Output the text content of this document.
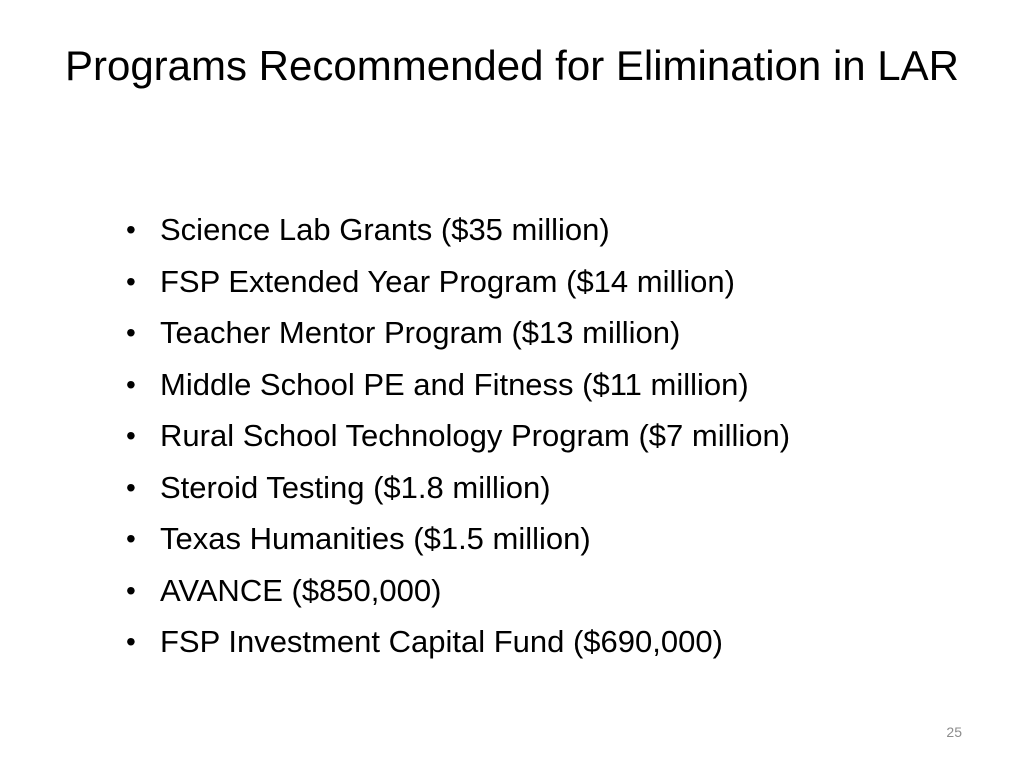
Programs Recommended for Elimination in LAR
• Science Lab Grants ($35 million)
• FSP Extended Year Program ($14 million)
• Teacher Mentor Program ($13 million)
• Middle School PE and Fitness ($11 million)
• Rural School Technology Program ($7 million)
• Steroid Testing ($1.8 million)
• Texas Humanities ($1.5 million)
• AVANCE ($850,000)
• FSP Investment Capital Fund ($690,000)
25
